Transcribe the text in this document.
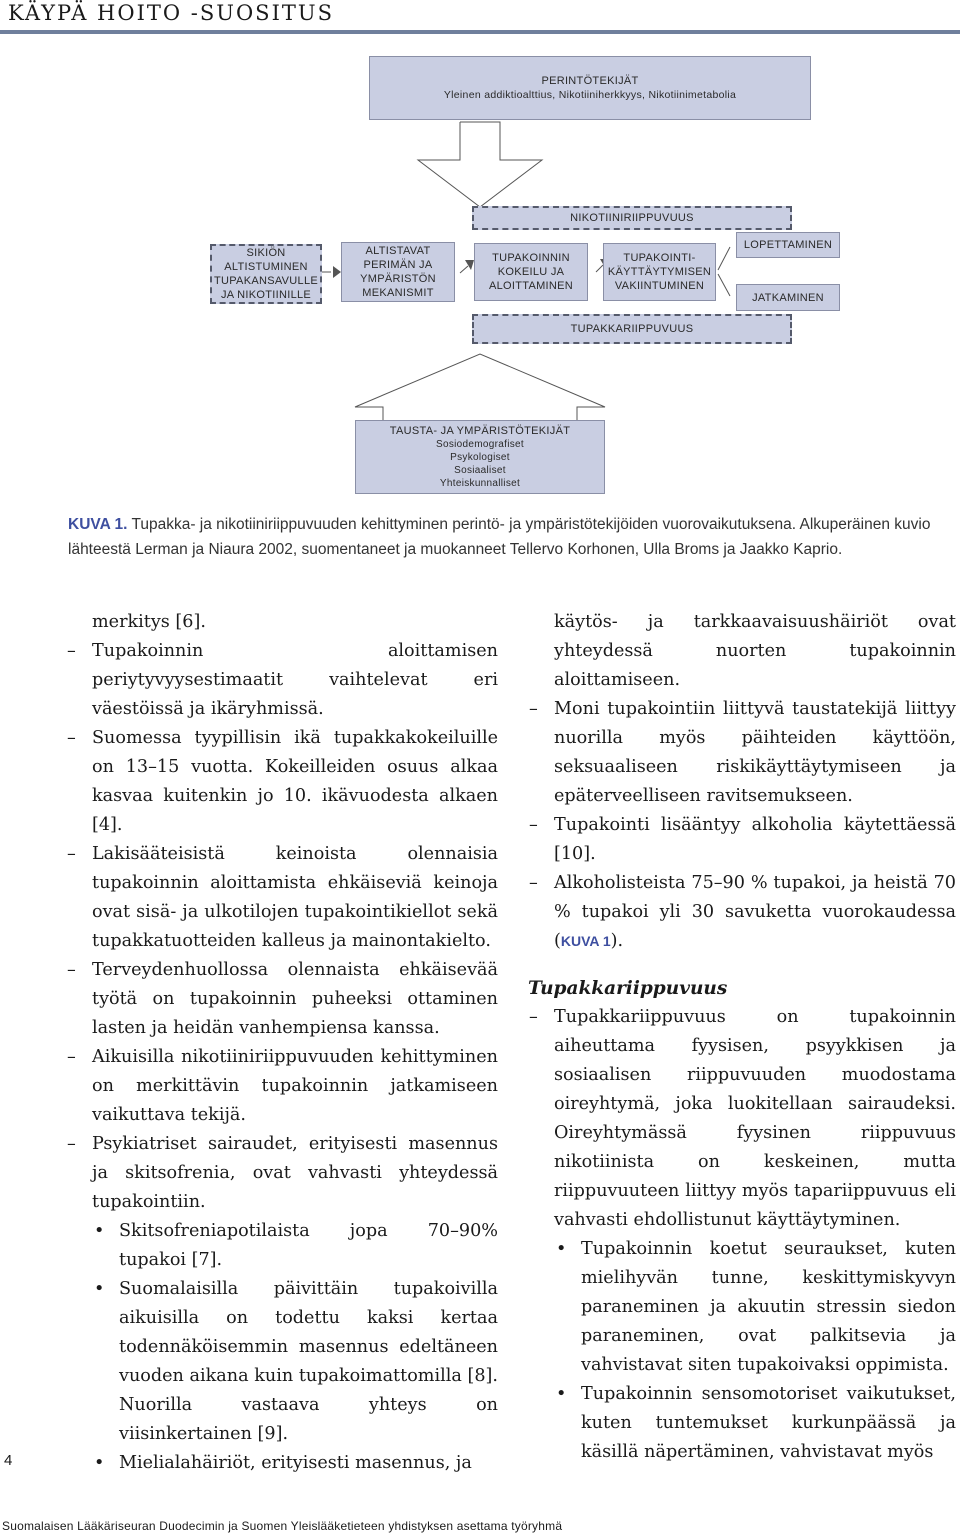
KÄYPÄ HOITO -SUOSITUS
PERINTÖTEKIJÄT
Yleinen addiktioalttius, Nikotiiniherkkyys, Nikotiinimetabolia
NIKOTIINIRIIPPUVUUS
TUPAKKARIIPPUVUUS
SIKIÖN
ALTISTUMINEN
TUPAKANSAVULLE
JA NIKOTIINILLE
ALTISTAVAT
PERIMÄN JA
YMPÄRISTÖN
MEKANISMIT
TUPAKOINNIN
KOKEILU JA
ALOITTAMINEN
TUPAKOINTI-
KÄYTTÄYTYMISEN
VAKIINTUMINEN
LOPETTAMINEN
JATKAMINEN
TAUSTA- JA YMPÄRISTÖTEKIJÄT
Sosiodemografiset
Psykologiset
Sosiaaliset
Yhteiskunnalliset
KUVA 1. Tupakka- ja nikotiiniriippuvuuden kehittyminen perintö- ja ympäristötekijöiden vuorovaikutuksena. Alkuperäinen kuvio lähteestä Lerman ja Niaura 2002, suomentaneet ja muokanneet Tellervo Korhonen, Ulla Broms ja Jaakko Kaprio.

merkitys [6].

– Tupakoinnin aloittamisen periytyvyysestimaatit vaihtelevat eri väestöissä ja ikäryhmissä.

– Suomessa tyypillisin ikä tupakkakokeiluille on 13–15 vuotta. Kokeilleiden osuus alkaa kasvaa kuitenkin jo 10. ikävuodesta alkaen [4].

– Lakisääteisistä keinoista olennaisia tupakoinnin aloittamista ehkäiseviä keinoja ovat sisä- ja ulkotilojen tupakointikiellot sekä tupakkatuotteiden kalleus ja mainontakielto.

– Terveydenhuollossa olennaista ehkäisevää työtä on tupakoinnin puheeksi ottaminen lasten ja heidän vanhempiensa kanssa.

– Aikuisilla nikotiiniriippuvuuden kehittyminen on merkittävin tupakoinnin jatkamiseen vaikuttava tekijä.

– Psykiatriset sairaudet, erityisesti masennus ja skitsofrenia, ovat vahvasti yhteydessä tupakointiin.

• Skitsofreniapotilaista jopa 70–90% tupakoi [7].

• Suomalaisilla päivittäin tupakoivilla aikuisilla on todettu kaksi kertaa todennäköisemmin masennus edeltäneen vuoden aikana kuin tupakoimattomilla [8]. Nuorilla vastaava yhteys on viisinkertainen [9].

• Mielialahäiriöt, erityisesti masennus, ja

käytös- ja tarkkaavaisuushäiriöt ovat yhteydessä nuorten tupakoinnin aloittamiseen.

– Moni tupakointiin liittyvä taustatekijä liittyy nuorilla myös päihteiden käyttöön, seksuaaliseen riskikäyttäytymiseen ja epäterveelliseen ravitsemukseen.

– Tupakointi lisääntyy alkoholia käytettäessä [10].

– Alkoholisteista 75–90 % tupakoi, ja heistä 70 % tupakoi yli 30 savuketta vuorokaudessa (KUVA 1).

Tupakkariippuvuus

– Tupakkariippuvuus on tupakoinnin aiheuttama fyysisen, psyykkisen ja sosiaalisen riippuvuuden muodostama oireyhtymä, joka luokitellaan sairaudeksi. Oireyhtymässä fyysinen riippuvuus nikotiinista on keskeinen, mutta riippuvuuteen liittyy myös tapariippuvuus eli vahvasti ehdollistunut käyttäytyminen.

• Tupakoinnin koetut seuraukset, kuten mielihyvän tunne, keskittymiskyvyn paraneminen ja akuutin stressin siedon paraneminen, ovat palkitsevia ja vahvistavat siten tupakoivaksi oppimista.

• Tupakoinnin sensomotoriset vaikutukset, kuten tuntemukset kurkunpäässä ja käsillä näpertäminen, vahvistavat myös

4
Suomalaisen Lääkäriseuran Duodecimin ja Suomen Yleislääketieteen yhdistyksen asettama työryhmä
